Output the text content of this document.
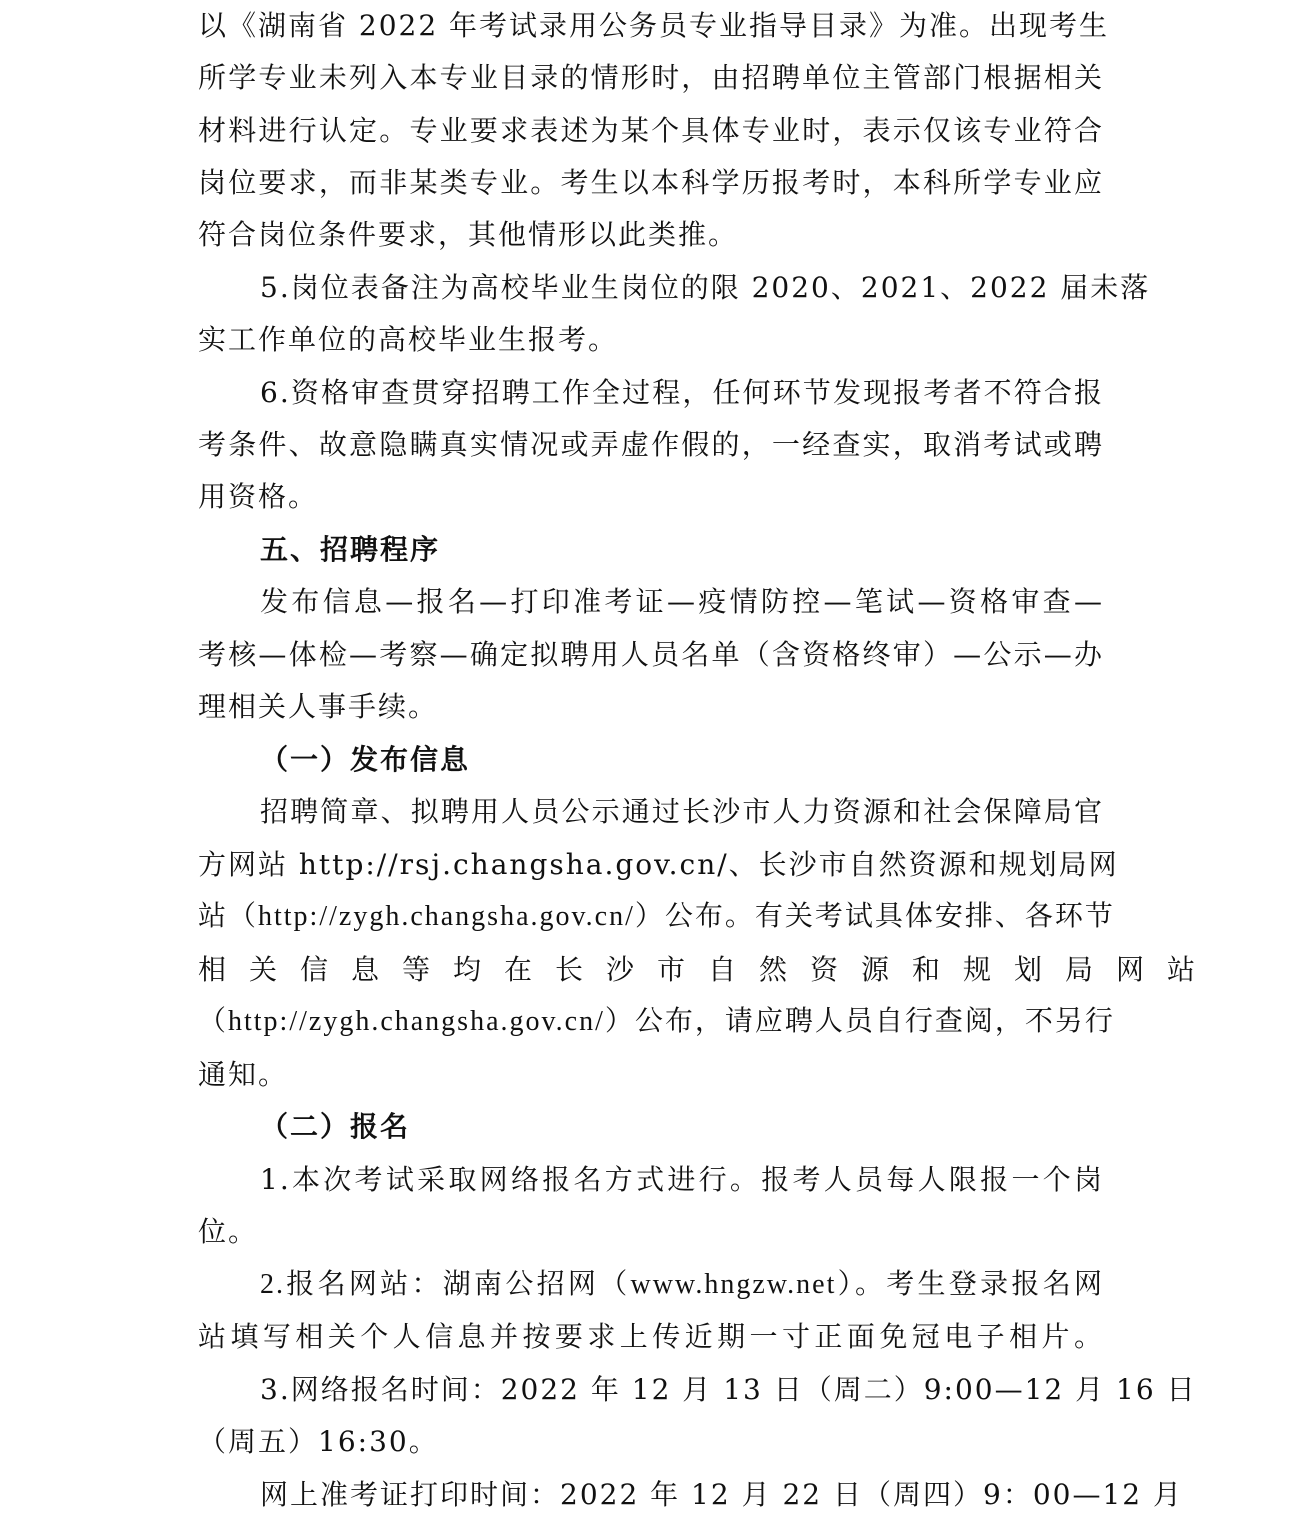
以《湖南省 2022 年考试录用公务员专业指导目录》为准。出现考生
所学专业未列入本专业目录的情形时，由招聘单位主管部门根据相关
材料进行认定。专业要求表述为某个具体专业时，表示仅该专业符合
岗位要求，而非某类专业。考生以本科学历报考时，本科所学专业应
符合岗位条件要求，其他情形以此类推。
5.岗位表备注为高校毕业生岗位的限 2020、2021、2022 届未落
实工作单位的高校毕业生报考。
6.资格审查贯穿招聘工作全过程，任何环节发现报考者不符合报
考条件、故意隐瞒真实情况或弄虚作假的，一经查实，取消考试或聘
用资格。
五、招聘程序
发布信息—报名—打印准考证—疫情防控—笔试—资格审查—
考核—体检—考察—确定拟聘用人员名单（含资格终审）—公示—办
理相关人事手续。
（一）发布信息
招聘简章、拟聘用人员公示通过长沙市人力资源和社会保障局官
方网站 http://rsj.changsha.gov.cn/、长沙市自然资源和规划局网
站（http://zygh.changsha.gov.cn/）公布。有关考试具体安排、各环节
相关信息等均在长沙市自然资源和规划局网站
（http://zygh.changsha.gov.cn/）公布，请应聘人员自行查阅，不另行
通知。
（二）报名
1.本次考试采取网络报名方式进行。报考人员每人限报一个岗
位。
2.报名网站：湖南公招网（www.hngzw.net）。考生登录报名网
站填写相关个人信息并按要求上传近期一寸正面免冠电子相片。
3.网络报名时间：2022 年 12 月 13 日（周二）9:00—12 月 16 日
（周五）16:30。
网上准考证打印时间：2022 年 12 月 22 日（周四）9：00—12 月
